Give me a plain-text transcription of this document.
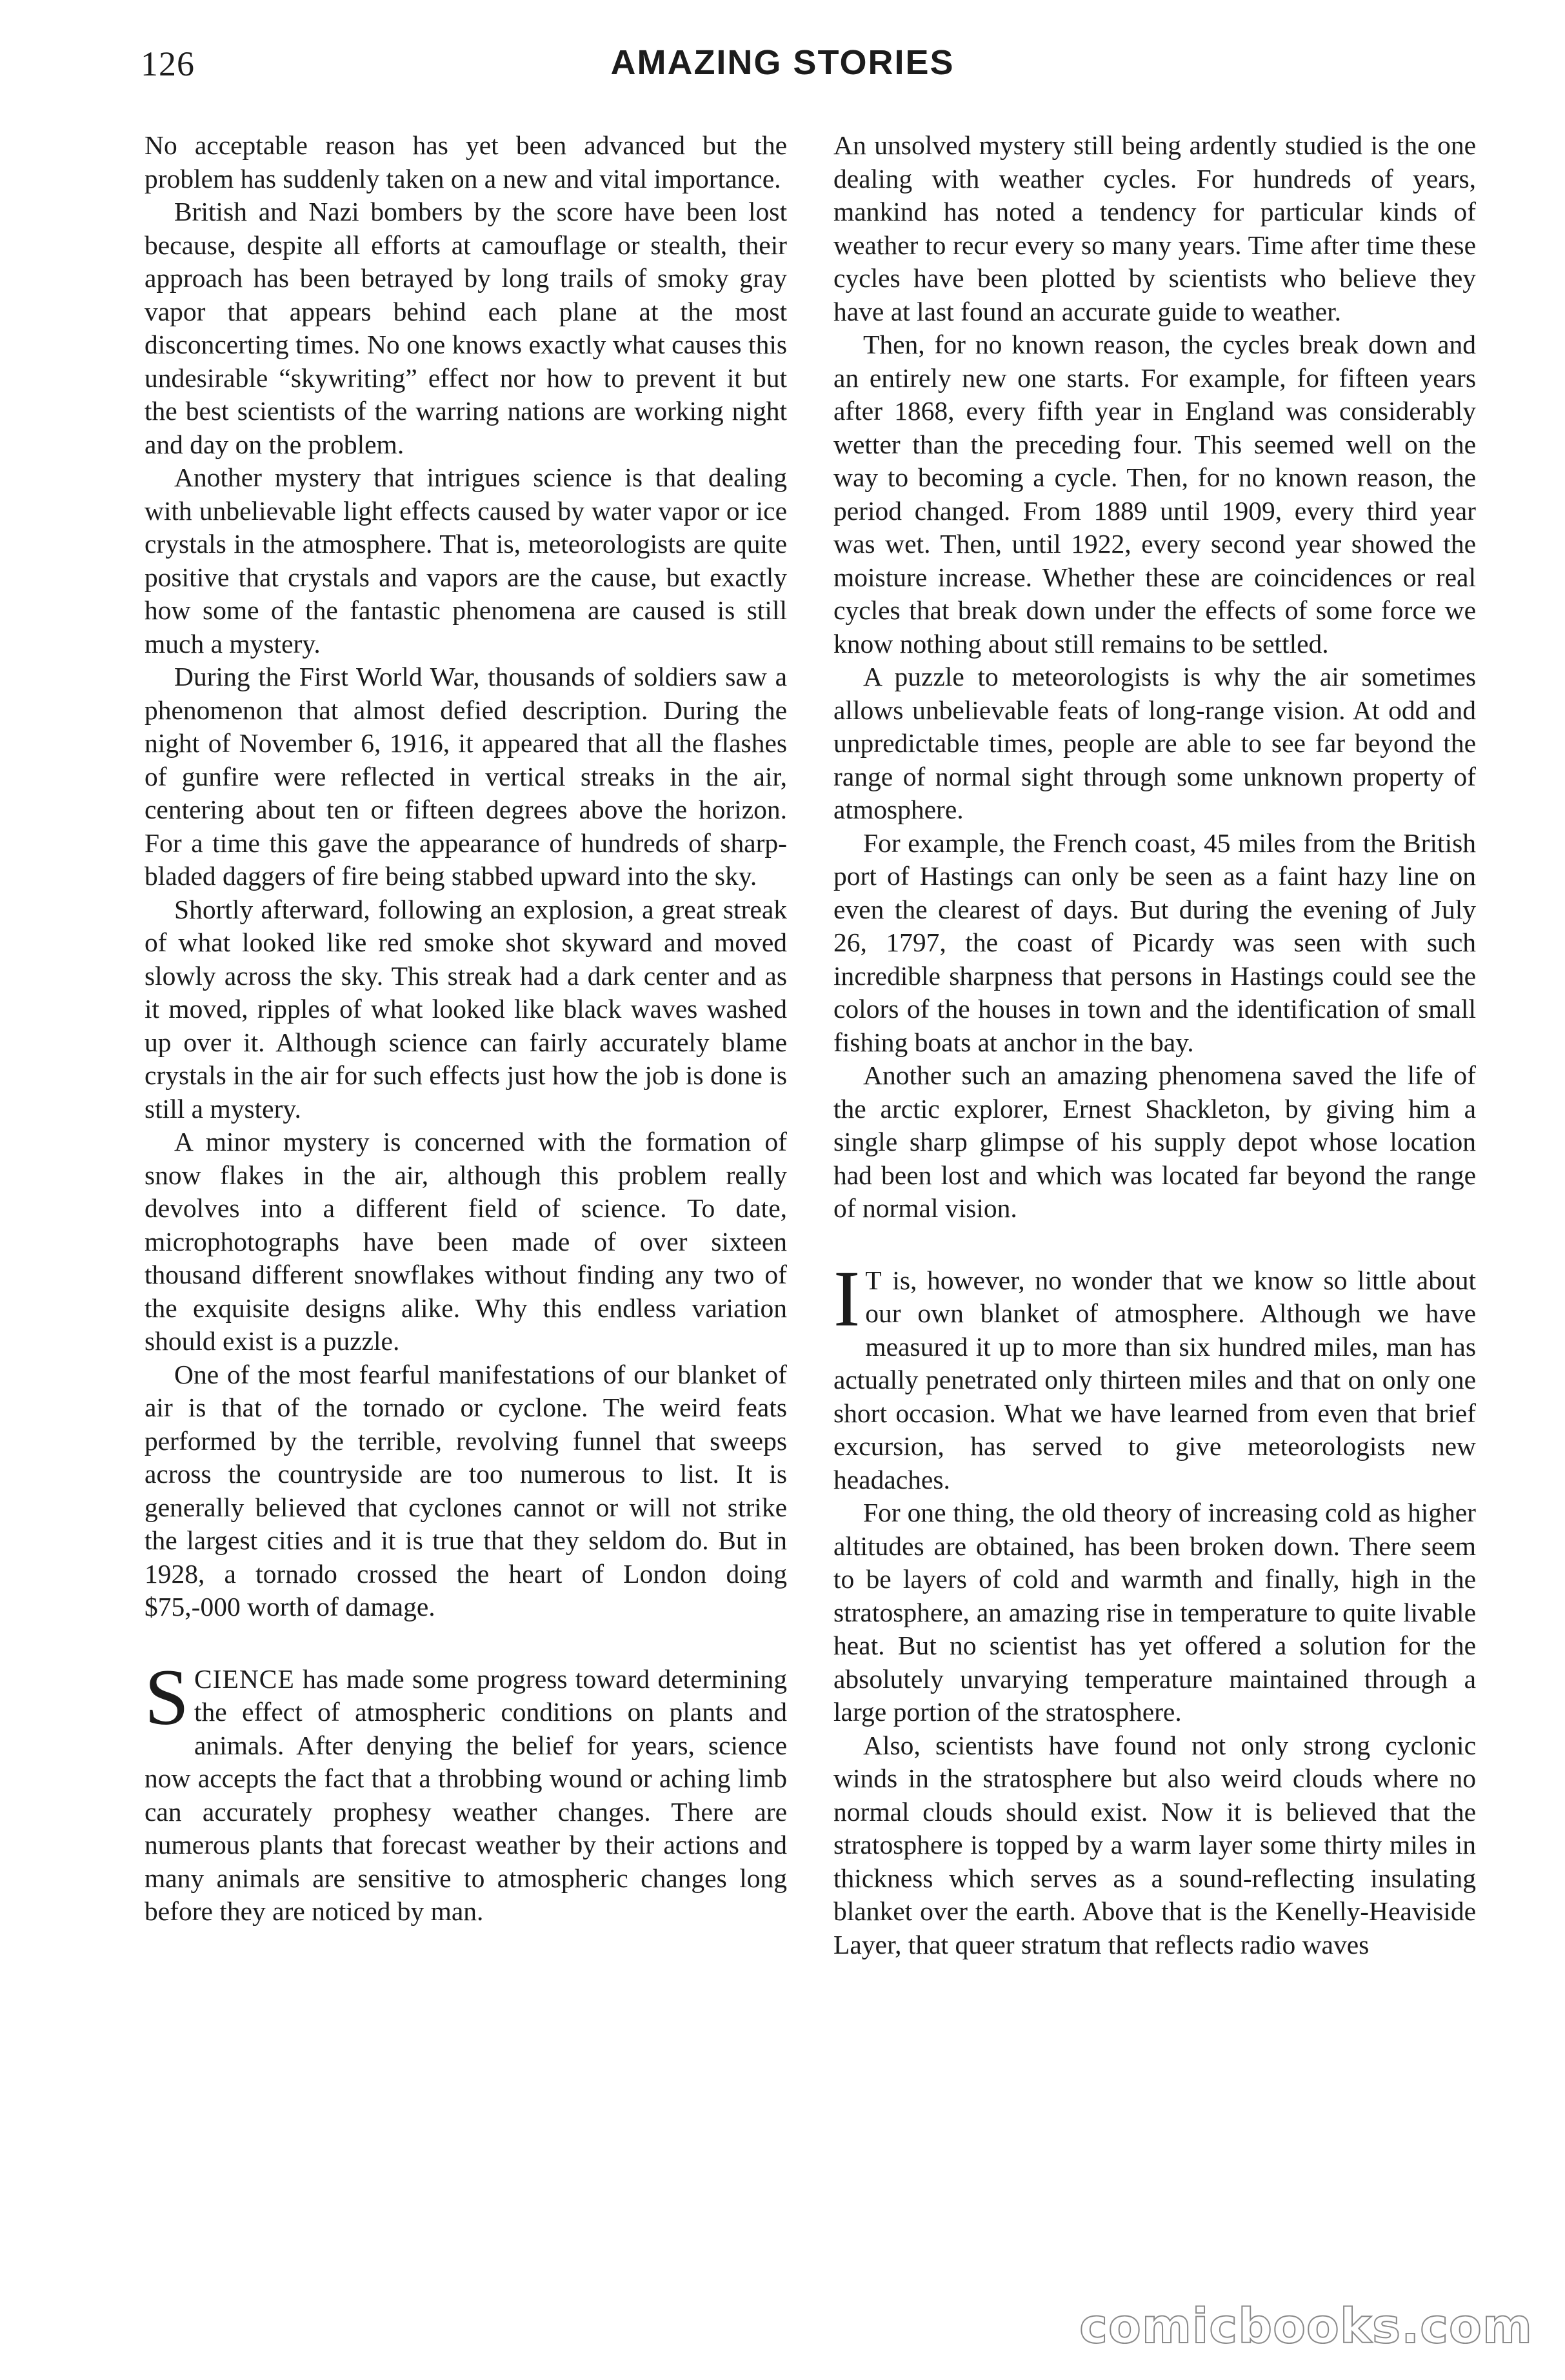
126	AMAZING STORIES

No acceptable reason has yet been advanced but the problem has suddenly taken on a new and vital importance.

British and Nazi bombers by the score have been lost because, despite all efforts at camouflage or stealth, their approach has been betrayed by long trails of smoky gray vapor that appears behind each plane at the most disconcerting times. No one knows exactly what causes this undesirable “skywriting” effect nor how to prevent it but the best scientists of the warring nations are working night and day on the problem.

Another mystery that intrigues science is that dealing with unbelievable light effects caused by water vapor or ice crystals in the atmosphere. That is, meteorologists are quite positive that crystals and vapors are the cause, but exactly how some of the fantastic phenomena are caused is still much a mystery.

During the First World War, thousands of soldiers saw a phenomenon that almost defied description. During the night of November 6, 1916, it appeared that all the flashes of gunfire were reflected in vertical streaks in the air, centering about ten or fifteen degrees above the horizon. For a time this gave the appearance of hundreds of sharp-bladed daggers of fire being stabbed upward into the sky.

Shortly afterward, following an explosion, a great streak of what looked like red smoke shot skyward and moved slowly across the sky. This streak had a dark center and as it moved, ripples of what looked like black waves washed up over it. Although science can fairly accurately blame crystals in the air for such effects just how the job is done is still a mystery.

A minor mystery is concerned with the formation of snow flakes in the air, although this problem really devolves into a different field of science. To date, microphotographs have been made of over sixteen thousand different snowflakes without finding any two of the exquisite designs alike. Why this endless variation should exist is a puzzle.

One of the most fearful manifestations of our blanket of air is that of the tornado or cyclone. The weird feats performed by the terrible, revolving funnel that sweeps across the countryside are too numerous to list. It is generally believed that cyclones cannot or will not strike the largest cities and it is true that they seldom do. But in 1928, a tornado crossed the heart of London doing $75,-000 worth of damage.

SCIENCE has made some progress toward determining the effect of atmospheric conditions on plants and animals. After denying the belief for years, science now accepts the fact that a throbbing wound or aching limb can accurately prophesy weather changes. There are numerous plants that forecast weather by their actions and many animals are sensitive to atmospheric changes long before they are noticed by man.

An unsolved mystery still being ardently studied is the one dealing with weather cycles. For hundreds of years, mankind has noted a tendency for particular kinds of weather to recur every so many years. Time after time these cycles have been plotted by scientists who believe they have at last found an accurate guide to weather.

Then, for no known reason, the cycles break down and an entirely new one starts. For example, for fifteen years after 1868, every fifth year in England was considerably wetter than the preceding four. This seemed well on the way to becoming a cycle. Then, for no known reason, the period changed. From 1889 until 1909, every third year was wet. Then, until 1922, every second year showed the moisture increase. Whether these are coincidences or real cycles that break down under the effects of some force we know nothing about still remains to be settled.

A puzzle to meteorologists is why the air sometimes allows unbelievable feats of long-range vision. At odd and unpredictable times, people are able to see far beyond the range of normal sight through some unknown property of atmosphere.

For example, the French coast, 45 miles from the British port of Hastings can only be seen as a faint hazy line on even the clearest of days. But during the evening of July 26, 1797, the coast of Picardy was seen with such incredible sharpness that persons in Hastings could see the colors of the houses in town and the identification of small fishing boats at anchor in the bay.

Another such an amazing phenomena saved the life of the arctic explorer, Ernest Shackleton, by giving him a single sharp glimpse of his supply depot whose location had been lost and which was located far beyond the range of normal vision.

I T is, however, no wonder that we know so little about our own blanket of atmosphere. Although we have measured it up to more than six hundred miles, man has actually penetrated only thirteen miles and that on only one short occasion. What we have learned from even that brief excursion, has served to give meteorologists new headaches.

For one thing, the old theory of increasing cold as higher altitudes are obtained, has been broken down. There seem to be layers of cold and warmth and finally, high in the stratosphere, an amazing rise in temperature to quite livable heat. But no scientist has yet offered a solution for the absolutely unvarying temperature maintained through a large portion of the stratosphere.

Also, scientists have found not only strong cyclonic winds in the stratosphere but also weird clouds where no normal clouds should exist. Now it is believed that the stratosphere is topped by a warm layer some thirty miles in thickness which serves as a sound-reflecting insulating blanket over the earth. Above that is the Kenelly-Heaviside Layer, that queer stratum that reflects radio waves

comicbooks.com
